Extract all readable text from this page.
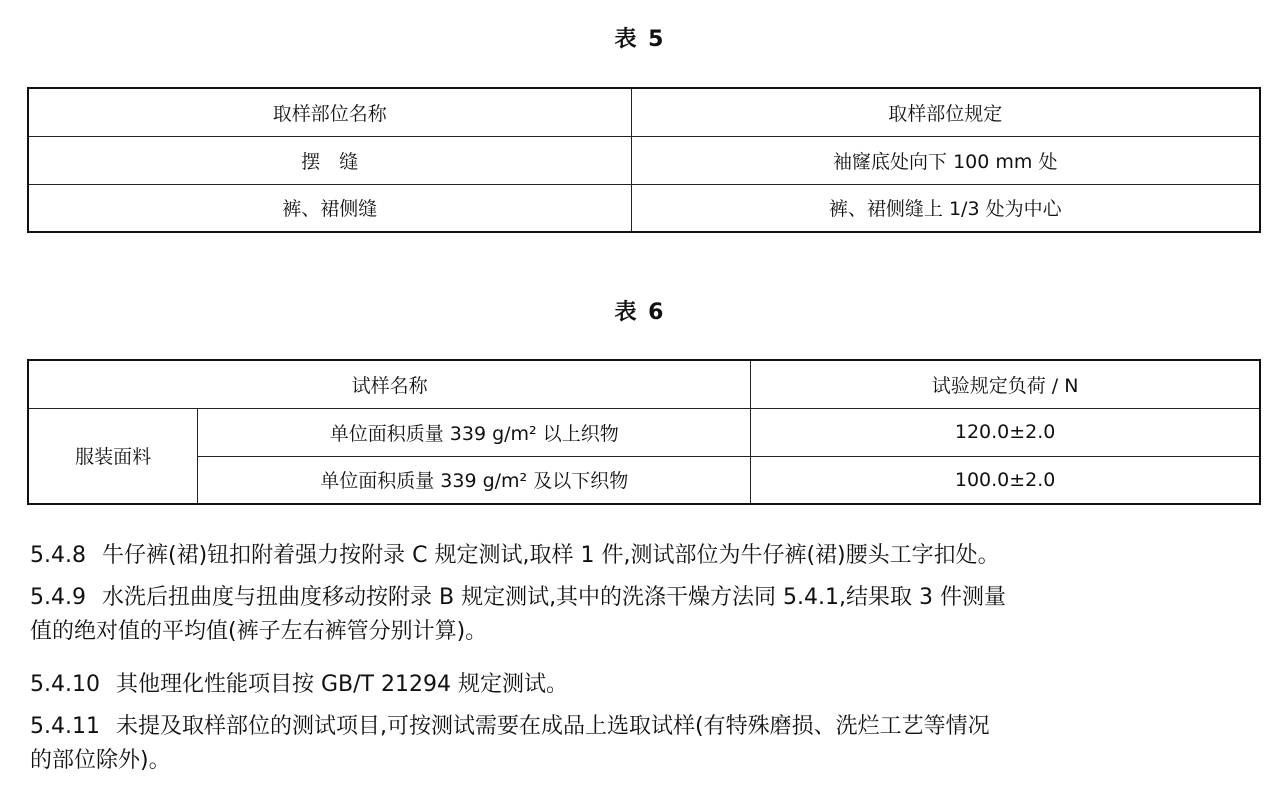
表 5
取样部位名称	取样部位规定
摆　缝	袖窿底处向下 100 mm 处
裤、裙侧缝	裤、裙侧缝上 1/3 处为中心
表 6
试样名称		试验规定负荷 / N
服装面料	单位面积质量 339 g/m² 以上织物	120.0±2.0
	单位面积质量 339 g/m² 及以下织物	100.0±2.0

5.4.8 牛仔裤(裙)钮扣附着强力按附录 C 规定测试,取样 1 件,测试部位为牛仔裤(裙)腰头工字扣处。

5.4.9 水洗后扭曲度与扭曲度移动按附录 B 规定测试,其中的洗涤干燥方法同 5.4.1,结果取 3 件测量
值的绝对值的平均值(裤子左右裤管分别计算)。

5.4.10 其他理化性能项目按 GB/T 21294 规定测试。

5.4.11 未提及取样部位的测试项目,可按测试需要在成品上选取试样(有特殊磨损、洗烂工艺等情况
的部位除外)。
